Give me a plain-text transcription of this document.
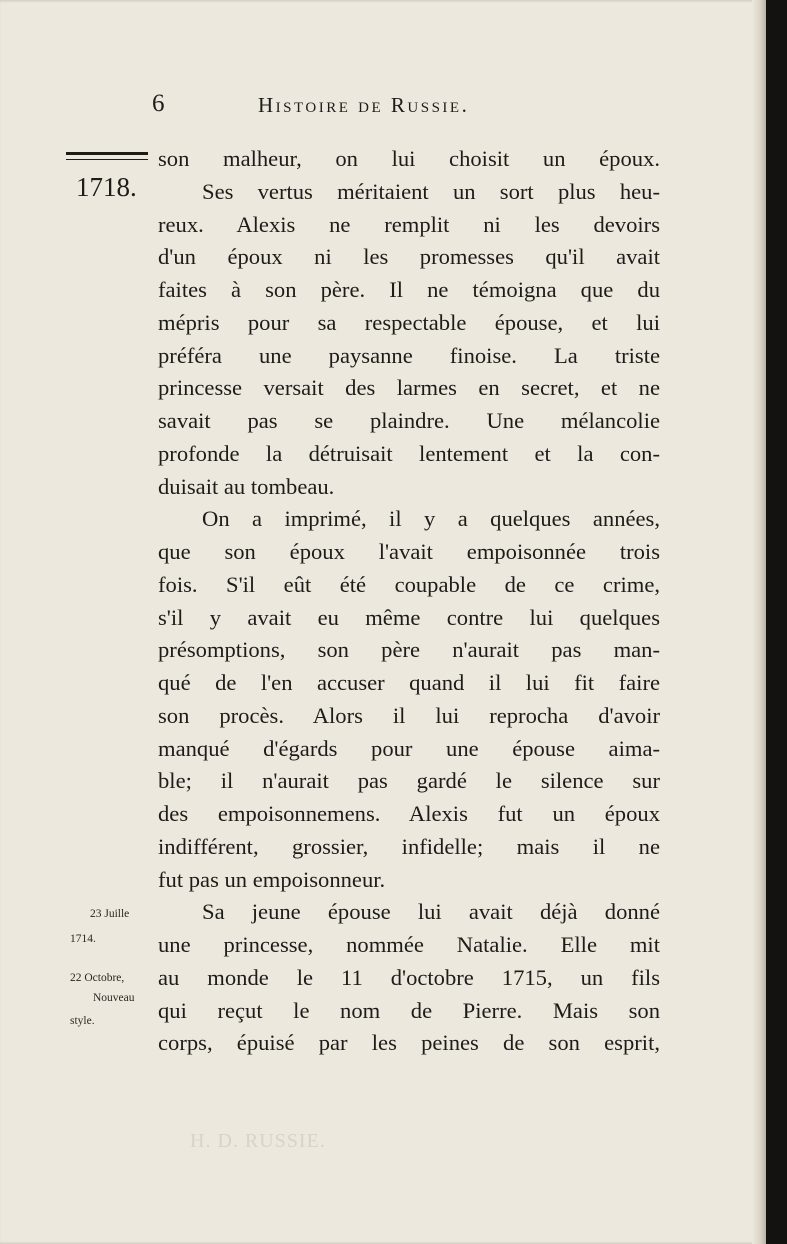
6	Histoire de Russie.
1718.
son malheur, on lui choisit un époux.
Ses vertus méritaient un sort plus heu-
reux. Alexis ne remplit ni les devoirs
d'un époux ni les promesses qu'il avait
faites à son père. Il ne témoigna que du
mépris pour sa respectable épouse, et lui
préféra une paysanne finoise. La triste
princesse versait des larmes en secret, et ne
savait pas se plaindre. Une mélancolie
profonde la détruisait lentement et la con-
duisait au tombeau.
On a imprimé, il y a quelques années,
que son époux l'avait empoisonnée trois
fois. S'il eût été coupable de ce crime,
s'il y avait eu même contre lui quelques
présomptions, son père n'aurait pas man-
qué de l'en accuser quand il lui fit faire
son procès. Alors il lui reprocha d'avoir
manqué d'égards pour une épouse aima-
ble; il n'aurait pas gardé le silence sur
des empoisonnemens. Alexis fut un époux
indifférent, grossier, infidelle; mais il ne
fut pas un empoisonneur.
Sa jeune épouse lui avait déjà donné
une princesse, nommée Natalie. Elle mit
au monde le 11 d'octobre 1715, un fils
qui reçut le nom de Pierre. Mais son
corps, épuisé par les peines de son esprit,
23 Juille
1714.
22 Octobre,
Nouveau
style.
H. D. RUSSIE.
